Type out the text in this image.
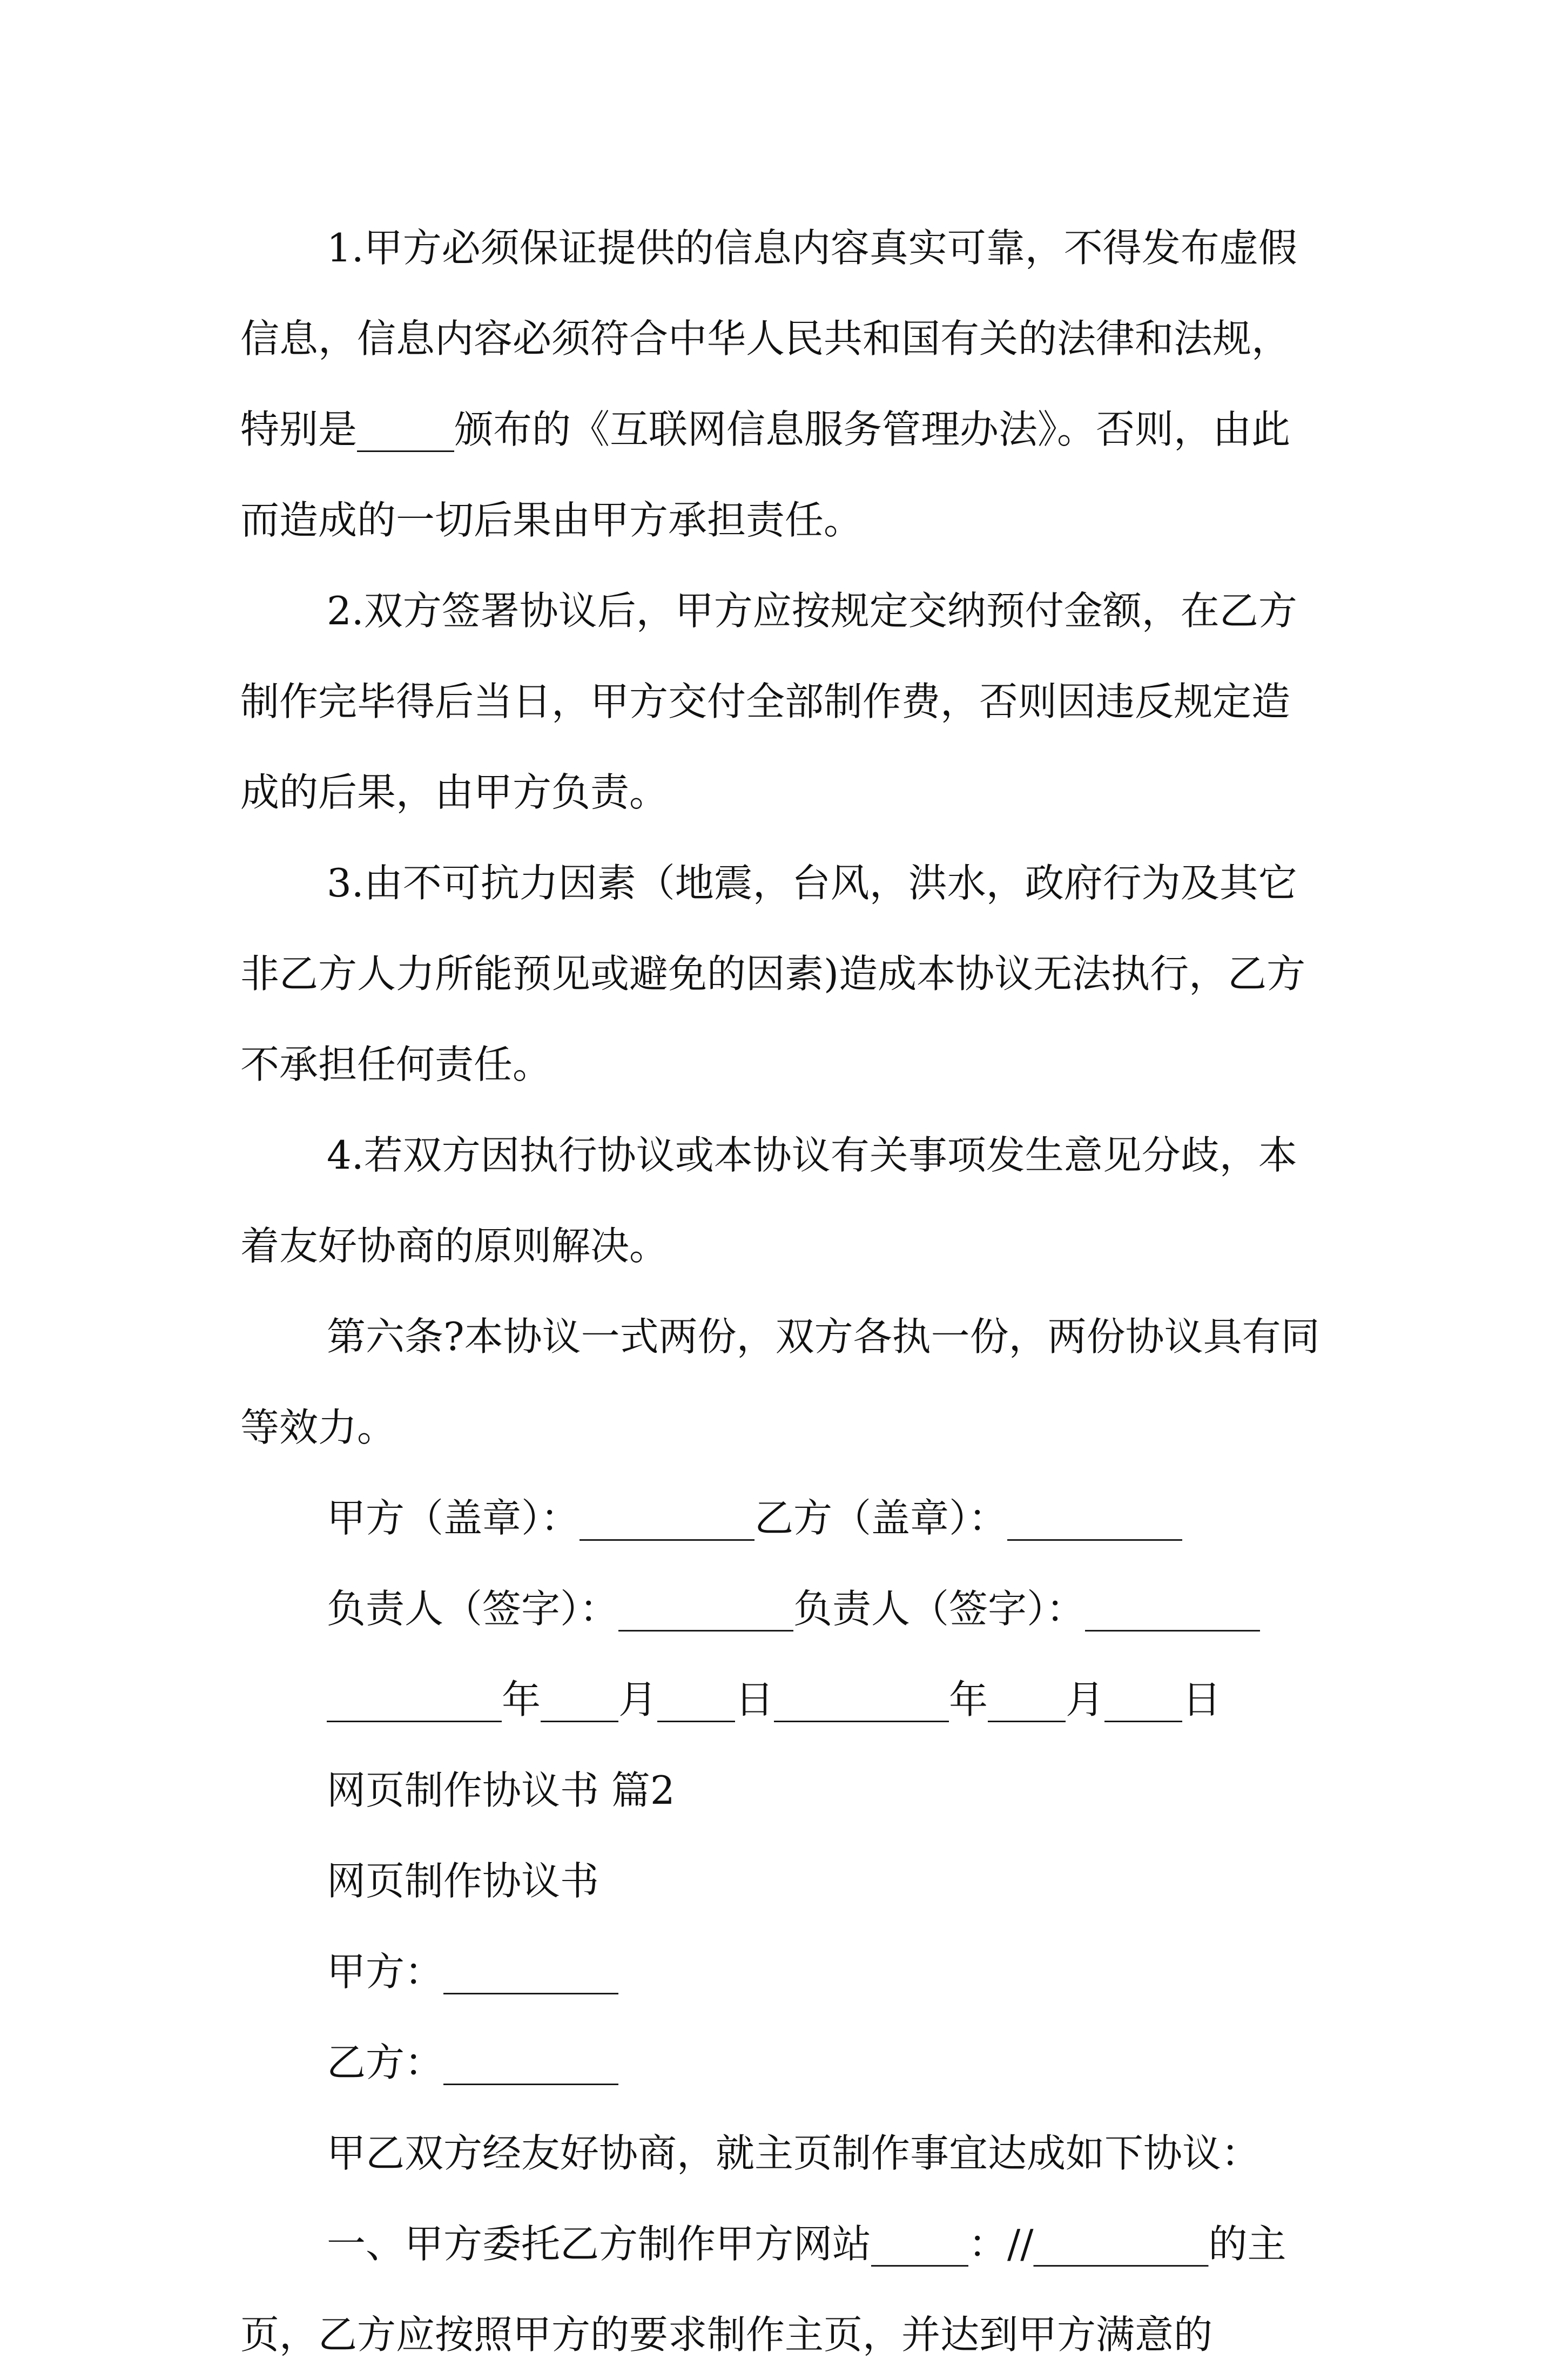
1.甲方必须保证提供的信息内容真实可靠，不得发布虚假信息，信息内容必须符合中华人民共和国有关的法律和法规，特别是_____颁布的《互联网信息服务管理办法》。否则，由此而造成的一切后果由甲方承担责任。

2.双方签署协议后，甲方应按规定交纳预付金额，在乙方制作完毕得后当日，甲方交付全部制作费，否则因违反规定造成的后果，由甲方负责。

3.由不可抗力因素（地震，台风，洪水，政府行为及其它非乙方人力所能预见或避免的因素)造成本协议无法执行，乙方不承担任何责任。

4.若双方因执行协议或本协议有关事项发生意见分歧，本着友好协商的原则解决。

第六条?本协议一式两份，双方各执一份，两份协议具有同等效力。

甲方（盖章）：_________乙方（盖章）：_________

负责人（签字）：_________负责人（签字）：_________

_________年____月____日_________年____月____日

网页制作协议书 篇2

网页制作协议书

甲方：_________

乙方：_________

甲乙双方经友好协商，就主页制作事宜达成如下协议：

一、甲方委托乙方制作甲方网站_____：//_________的主页，乙方应按照甲方的要求制作主页，并达到甲方满意的
